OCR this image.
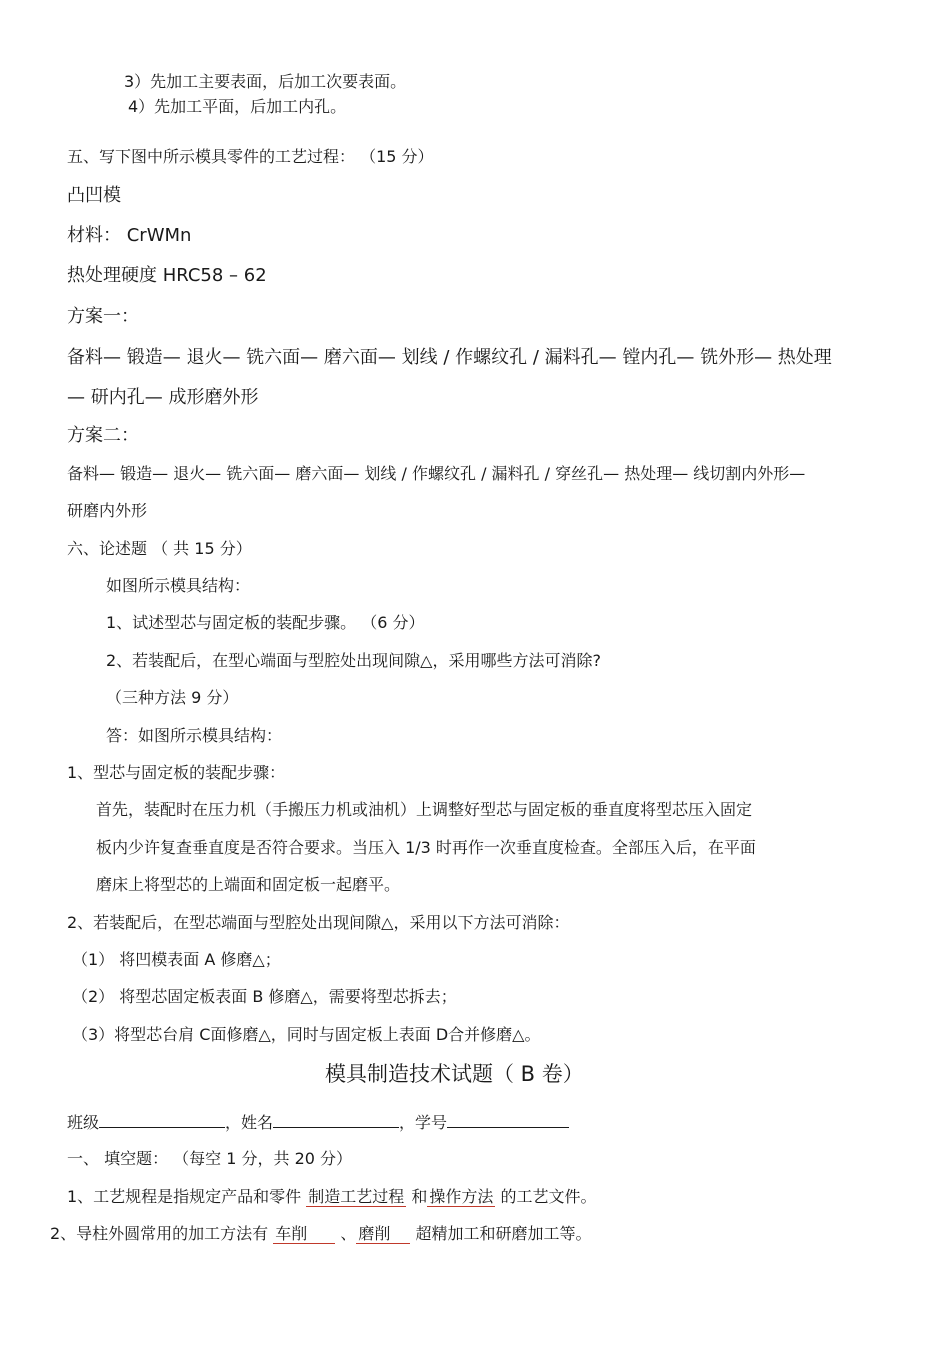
3）先加工主要表面，后加工次要表面。
4）先加工平面，后加工内孔。
五、写下图中所示模具零件的工艺过程： （15 分）
凸凹模
材料： CrWMn
热处理硬度 HRC58 – 62
方案一：
备料— 锻造— 退火— 铣六面— 磨六面— 划线 / 作螺纹孔 / 漏料孔— 镗内孔— 铣外形— 热处理
— 研内孔— 成形磨外形
方案二：
备料— 锻造— 退火— 铣六面— 磨六面— 划线 / 作螺纹孔 / 漏料孔 / 穿丝孔— 热处理— 线切割内外形—
研磨内外形
六、论述题 （ 共 15 分）
如图所示模具结构：
1、试述型芯与固定板的装配步骤。 （6 分）
2、若装配后，在型心端面与型腔处出现间隙△，采用哪些方法可消除?
（三种方法 9 分）
答：如图所示模具结构：
1、型芯与固定板的装配步骤：
首先，装配时在压力机（手搬压力机或油机）上调整好型芯与固定板的垂直度将型芯压入固定
板内少许复查垂直度是否符合要求。当压入 1/3 时再作一次垂直度检查。全部压入后，在平面
磨床上将型芯的上端面和固定板一起磨平。
2、若装配后，在型芯端面与型腔处出现间隙△，采用以下方法可消除：
（1） 将凹模表面 A 修磨△；
（2） 将型芯固定板表面 B 修磨△，需要将型芯拆去；
（3）将型芯台肩 C面修磨△，同时与固定板上表面 D合并修磨△。
模具制造技术试题（ B 卷）
班级	，姓名	，学号
一、 填空题： （每空 1 分，共 20 分）
1、工艺规程是指规定产品和零件 制造工艺过程 和 操作方法 的工艺文件。
2、导柱外圆常用的加工方法有 车削 、 磨削 超精加工和研磨加工等。
